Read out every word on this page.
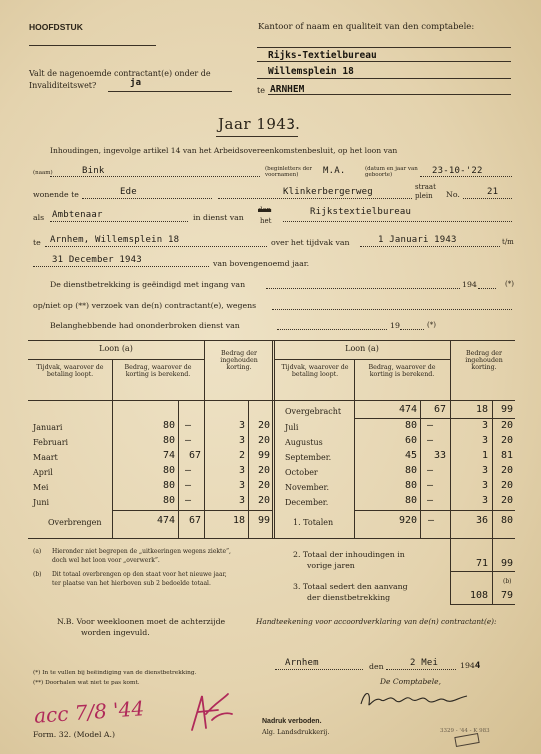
HOOFDSTUK	Kantoor of naam en qualiteit van den comptabele:
Rijks-Textielbureau
Willemsplein 18
te ARNHEM
Valt de nagenoemde contractant(e) onder de
Invaliditeitswet?	ja
Jaar 1943.
Inhoudingen, ingevolge artikel 14 van het Arbeidsovereenkomstenbesluit, op het loon van
(naam)	Bink	(beginletters der voornamen)	M.A.	(datum en jaar van geboorte)	23-10-'22
wonende te	Ede	Klinkerbergerweg	straat
plein No.	21
als Ambtenaar	in dienst van
den
het
Rijkstextielbureau
te Arnhem, Willemsplein 18	over het tijdvak van	1 Januari 1943	t/m
31 December 1943	van bovengenoemd jaar.
De dienstbetrekking is geëindigd met ingang van	194	(*)
op/niet op (**) verzoek van de(n) contractant(e), wegens
Belanghebbende had ononderbroken dienst van	19	(*)
Loon (a)
Tijdvak, waarover de betaling loopt.
Bedrag, waarover de korting is berekend.
Bedrag der ingehouden korting.
Loon (a)
Tijdvak, waarover de betaling loopt.
Bedrag, waarover de korting is berekend.
Bedrag der ingehouden korting.
Januari	80 —	3	20
Februari	80 —	3	20
Maart	74	67	2	99
April	80 —	3	20
Mei	80 —	3	20
Juni	80 —	3	20
Juli	80 —	3	20
Augustus	60 —	3	20
September.	45	33	1	81
October	80 —	3	20
November.	80 —	3	20
December.	80 —	3	20
Overgebracht	474	67	18	99
Overbrengen	474	67	18	99	1. Totalen	920 —	36	80
2. Totaal der inhoudingen in
vorige jaren	71	99
3. Totaal sedert den aanvang
der dienstbetrekking
(b)
108	79
(a) Hieronder niet begrepen de „uitkeeringen wegens ziekte”,
doch wel het loon voor „overwerk”.
(b) Dit totaal overbrengen op den staat voor het nieuwe jaar,
ter plaatse van het hierboven sub 2 bedoelde totaal.
Handteekening voor accoordverklaring van de(n) contractant(e):
N.B. Voor weekloonen moet de achterzijde
worden ingevuld.
(*) In te vullen bij beëindiging van de dienstbetrekking.
(**) Doorhalen wat niet te pas komt.
Arnhem	den	2 Mei	1944
De Comptabele,
acc 7/8 '44
Form. 32. (Model A.)
Nadruk verboden.
Alg. Landsdrukkerij.	3329 - '44 - K 983
